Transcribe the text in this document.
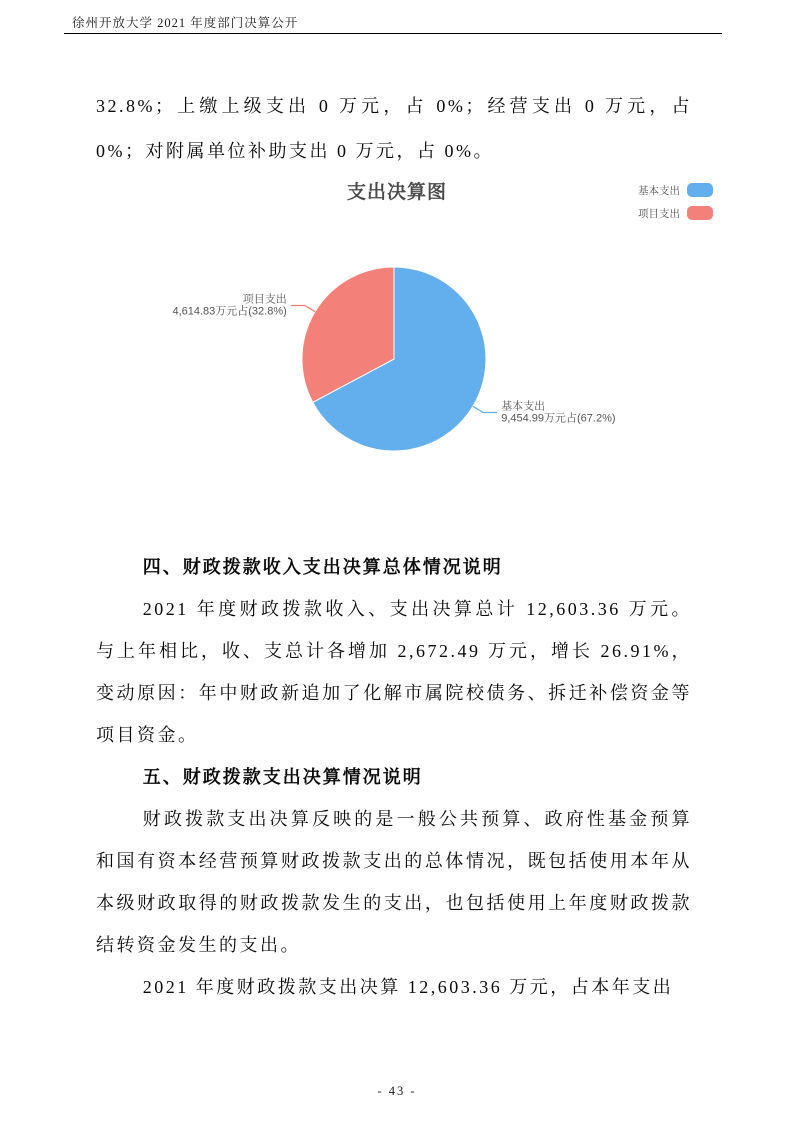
徐州开放大学 2021 年度部门决算公开
32.8%；上缴上级支出 0 万元，占 0%；经营支出 0 万元，占 0%；对附属单位补助支出 0 万元，占 0%。
支出决算图	基本支出
项目支出
基本支出
9,454.99万元占(67.2%)
项目支出
4,614.83万元占(32.8%)
四、财政拨款收入支出决算总体情况说明

2021 年度财政拨款收入、支出决算总计 12,603.36 万元。与上年相比，收、支总计各增加 2,672.49 万元，增长 26.91%，变动原因：年中财政新追加了化解市属院校债务、拆迁补偿资金等项目资金。

五、财政拨款支出决算情况说明

财政拨款支出决算反映的是一般公共预算、政府性基金预算和国有资本经营预算财政拨款支出的总体情况，既包括使用本年从本级财政取得的财政拨款发生的支出，也包括使用上年度财政拨款结转资金发生的支出。

2021 年度财政拨款支出决算 12,603.36 万元，占本年支出

- 43 -
